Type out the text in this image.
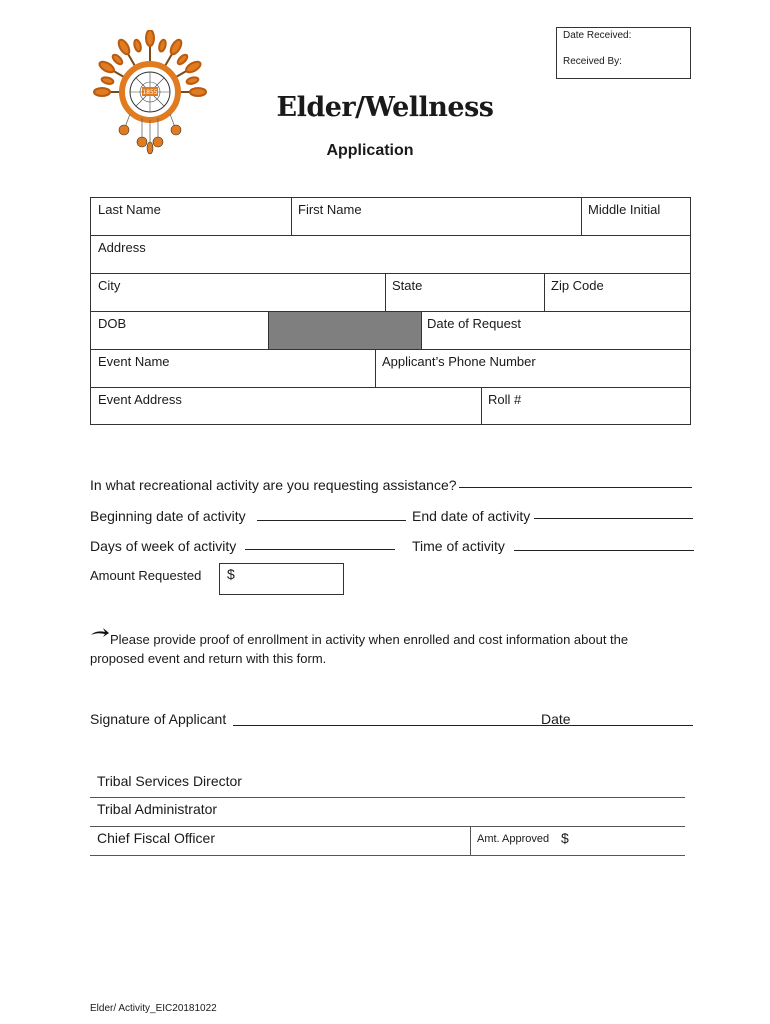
Date Received:
Received By:
1855	Elder/Wellness
Application
Last Name	First Name	Middle Initial
Address
City	State	Zip Code
DOB	Date of Request
Event Name	Applicant’s Phone Number
Event Address	Roll #
In what recreational activity are you requesting assistance?
Beginning date of activity	End date of activity
Days of week of activity	Time of activity
Amount Requested $
Please provide proof of enrollment in activity when enrolled and cost information about the
proposed event and return with this form.
Signature of Applicant	Date
Tribal Services Director
Tribal Administrator
Chief Fiscal Officer	Amt. Approved $
Elder/ Activity_EIC20181022
